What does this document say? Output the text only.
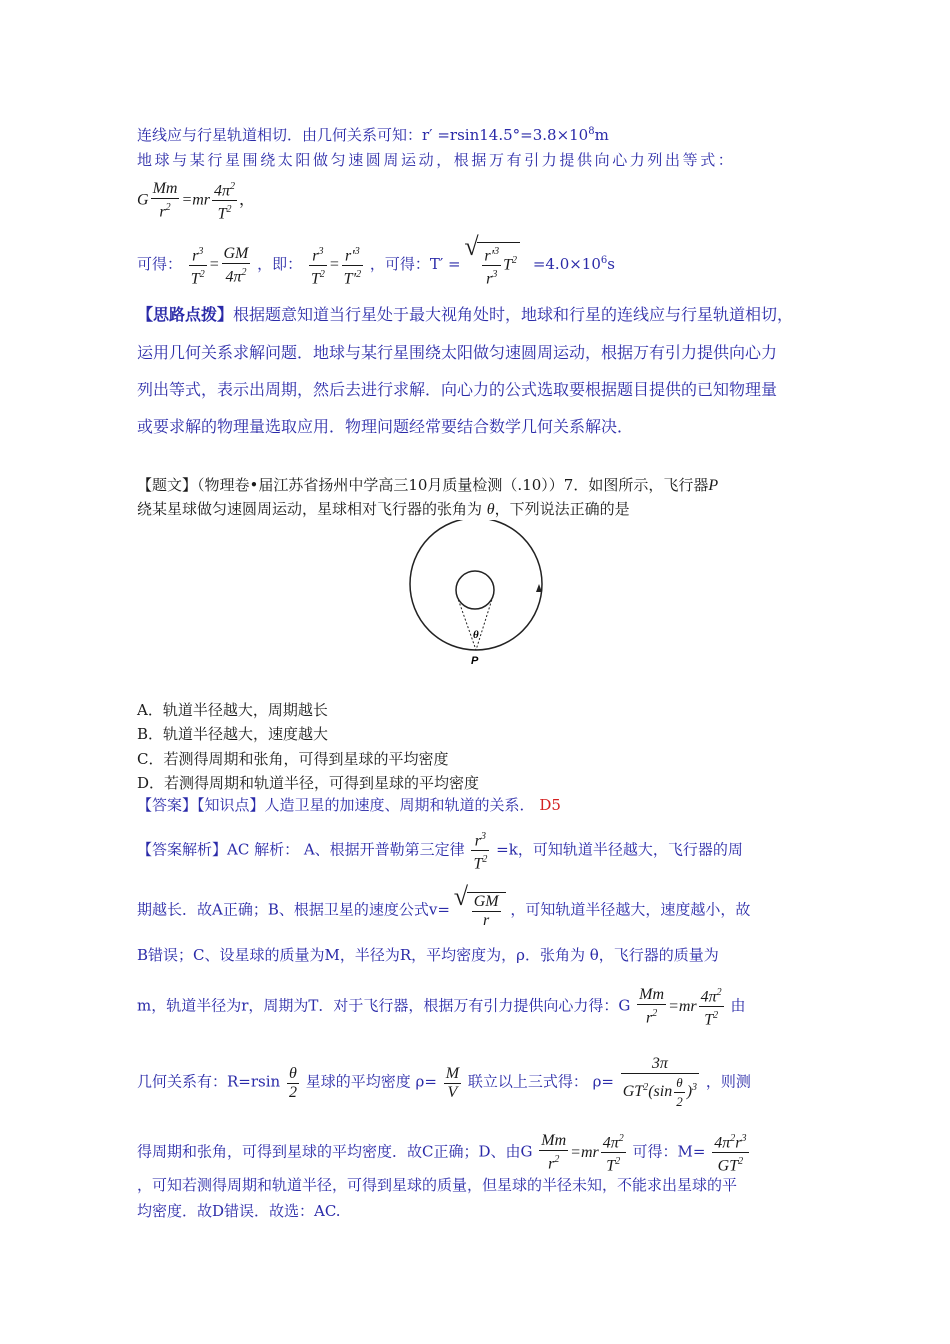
连线应与行星轨道相切．由几何关系可知：$r' =rsin14.5^\circ=3.8\times 10^8m$
地球与某行星围绕太阳做匀速圆周运动，根据万有引力提供向心力列出等式：
G $\frac{Mm}{r^2} =mr \frac{4\pi^2}{T^2}$ ，
可得： $\frac{r^3}{T^2} = \frac{GM}{4\pi^2}$ ，即： $\frac{r^3}{T^2} = \frac{r'^3}{T'^2}$ ，可得：T′ = √ $\frac{r'^3}{r^3} T^2 =4.0\times 10^6s$
【思路点拨】根据题意知道当行星处于最大视角处时，地球和行星的连线应与行星轨道相切，
运用几何关系求解问题．地球与某行星围绕太阳做匀速圆周运动，根据万有引力提供向心力
列出等式，表示出周期，然后去进行求解．向心力的公式选取要根据题目提供的已知物理量
或要求解的物理量选取应用．物理问题经常要结合数学几何关系解决．
【题文】（物理卷•届江苏省扬州中学高三10月质量检测（.10））7．如图所示，飞行器P
绕某星球做匀速圆周运动，星球相对飞行器的张角为 θ，下列说法正确的是
θ
P
A．轨道半径越大，周期越长
B．轨道半径越大，速度越大
C．若测得周期和张角，可得到星球的平均密度
D．若测得周期和轨道半径，可得到星球的平均密度
【答案】【知识点】人造卫星的加速度、周期和轨道的关系． D5
【答案解析】AC 解析： A、根据开普勒第三定律 $\frac{r^3}{T^2} =k$，可知轨道半径越大，飞行器的周
期越长．故A正确；B、根据卫星的速度公式v= √ $\frac{GM}{r}$ ，可知轨道半径越大，速度越小，故
B错误；C、设星球的质量为M，半径为R，平均密度为，ρ．张角为 θ，飞行器的质量为
m，轨道半径为r，周期为T．对于飞行器，根据万有引力提供向心力得：G $\frac{Mm}{r^2} =mr \frac{4\pi^2}{T^2}$ 由
几何关系有：$R=rsin \frac{\theta}{2}$ 星球的平均密度 $\rho= \frac{M}{V}$ 联立以上三式得： $\rho= \frac{3\pi}{GT^2(\sin \frac{\theta}{2} )^3}$ ，则测
得周期和张角，可得到星球的平均密度．故C正确；D、由G $\frac{Mm}{r^2} =mr \frac{4\pi^2}{T^2}$ 可得：$M= \frac{4\pi^2r^3}{GT^2}$
，可知若测得周期和轨道半径，可得到星球的质量，但星球的半径未知，不能求出星球的平
均密度．故D错误．故选：AC.
